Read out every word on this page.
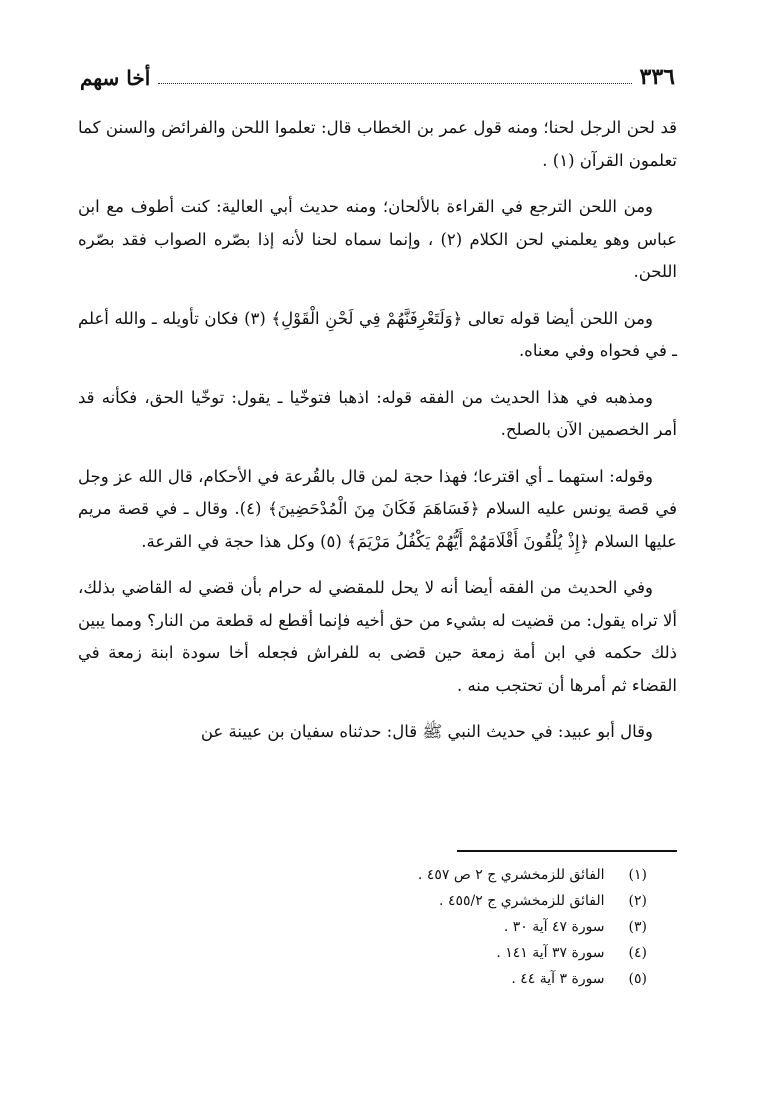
٣٣٦
أخا سهم

قد لحن الرجل لحنا؛ ومنه قول عمر بن الخطاب قال: تعلموا اللحن والفرائض والسنن كما تعلمون القرآن (١) .

ومن اللحن الترجع في القراءة بالألحان؛ ومنه حديث أبي العالية: كنت أطوف مع ابن عباس وهو يعلمني لحن الكلام (٢) ، وإنما سماه لحنا لأنه إذا بصّره الصواب فقد بصّره اللحن.

ومن اللحن أيضا قوله تعالى ﴿وَلَتَعْرِفَنَّهُمْ فِي لَحْنِ الْقَوْلِ﴾ (٣) فكان تأويله ـ والله أعلم ـ في فحواه وفي معناه.

ومذهبه في هذا الحديث من الفقه قوله: اذهبا فتوخّيا ـ يقول: توخّيا الحق، فكأنه قد أمر الخصمين الآن بالصلح.

وقوله: استهما ـ أي اقترعا؛ فهذا حجة لمن قال بالقُرعة في الأحكام، قال الله عز وجل في قصة يونس عليه السلام ﴿فَسَاهَمَ فَكَانَ مِنَ الْمُدْحَضِينَ﴾ (٤). وقال ـ في قصة مريم عليها السلام ﴿إِذْ يُلْقُونَ أَقْلَامَهُمْ أَيُّهُمْ يَكْفُلُ مَرْيَمَ﴾ (٥) وكل هذا حجة في القرعة.

وفي الحديث من الفقه أيضا أنه لا يحل للمقضي له حرام بأن قضي له القاضي بذلك، ألا تراه يقول: من قضيت له بشيء من حق أخيه فإنما أقطع له قطعة من النار؟ ومما يبين ذلك حكمه في ابن أمة زمعة حين قضى به للفراش فجعله أخا سودة ابنة زمعة في القضاء ثم أمرها أن تحتجب منه .

وقال أبو عبيد: في حديث النبي ﷺ قال: حدثناه سفيان بن عيينة عن

(١) الفائق للزمخشري ج ٢ ص ٤٥٧ .
(٢) الفائق للزمخشري ج ٤٥٥/٢ .
(٣) سورة ٤٧ آية ٣٠ .
(٤) سورة ٣٧ آية ١٤١ .
(٥) سورة ٣ آية ٤٤ .
